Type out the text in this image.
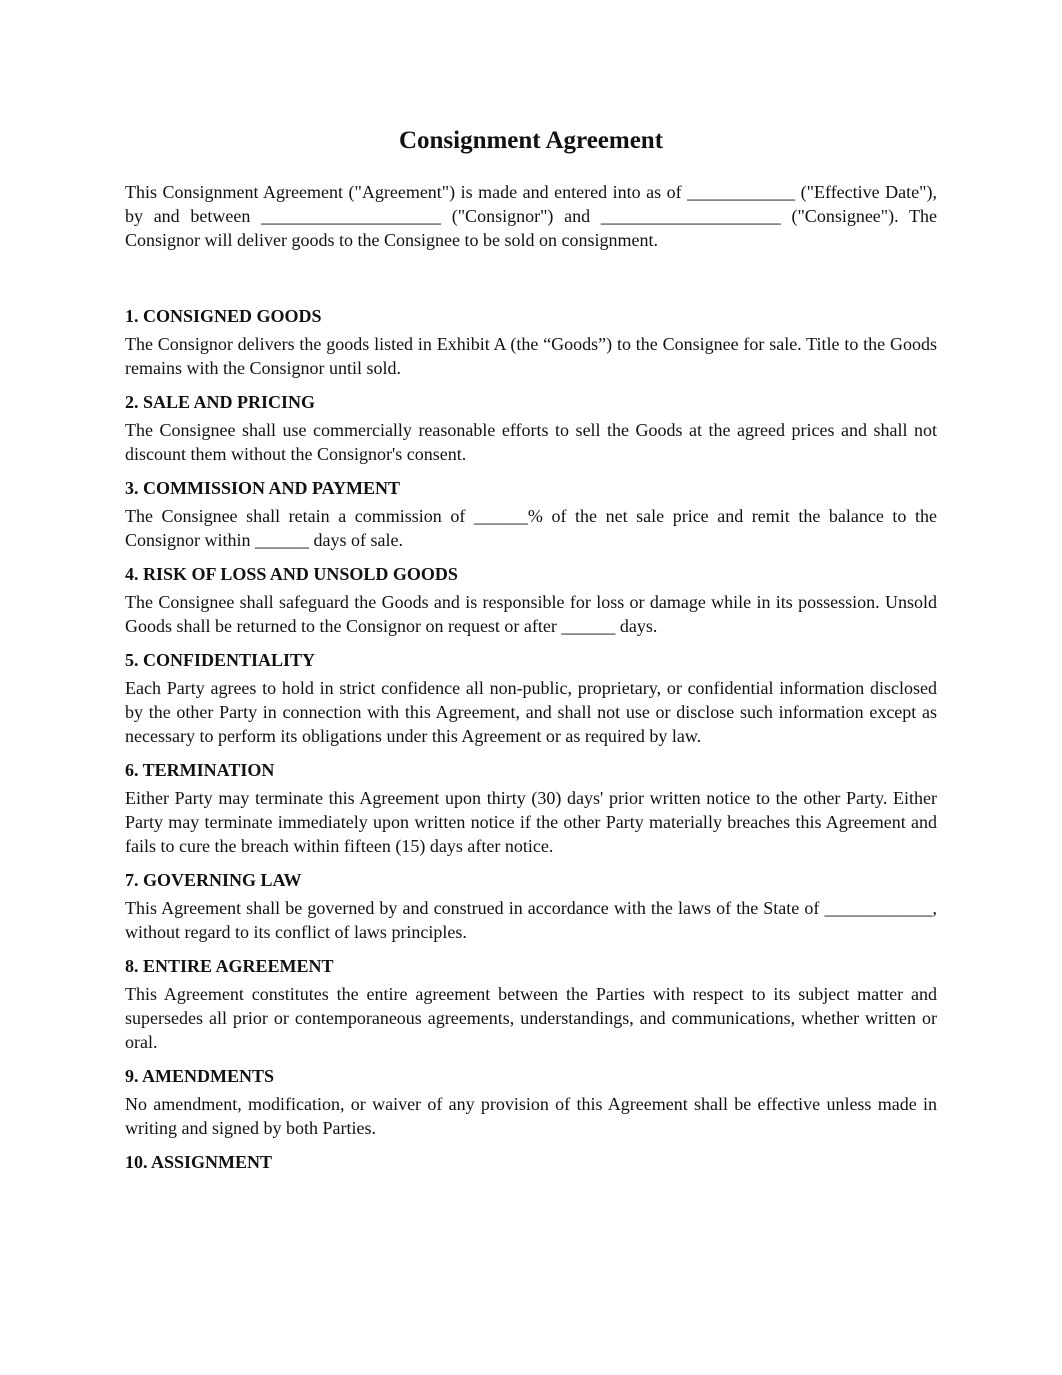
Consignment Agreement

This Consignment Agreement ("Agreement") is made and entered into as of ____________ ("Effective Date"), by and between ____________________ ("Consignor") and ____________________ ("Consignee"). The Consignor will deliver goods to the Consignee to be sold on consignment.

1. CONSIGNED GOODS

The Consignor delivers the goods listed in Exhibit A (the “Goods”) to the Consignee for sale. Title to the Goods remains with the Consignor until sold.

2. SALE AND PRICING

The Consignee shall use commercially reasonable efforts to sell the Goods at the agreed prices and shall not discount them without the Consignor's consent.

3. COMMISSION AND PAYMENT

The Consignee shall retain a commission of ______% of the net sale price and remit the balance to the Consignor within ______ days of sale.

4. RISK OF LOSS AND UNSOLD GOODS

The Consignee shall safeguard the Goods and is responsible for loss or damage while in its possession. Unsold Goods shall be returned to the Consignor on request or after ______ days.

5. CONFIDENTIALITY

Each Party agrees to hold in strict confidence all non-public, proprietary, or confidential information disclosed by the other Party in connection with this Agreement, and shall not use or disclose such information except as necessary to perform its obligations under this Agreement or as required by law.

6. TERMINATION

Either Party may terminate this Agreement upon thirty (30) days' prior written notice to the other Party. Either Party may terminate immediately upon written notice if the other Party materially breaches this Agreement and fails to cure the breach within fifteen (15) days after notice.

7. GOVERNING LAW

This Agreement shall be governed by and construed in accordance with the laws of the State of ____________, without regard to its conflict of laws principles.

8. ENTIRE AGREEMENT

This Agreement constitutes the entire agreement between the Parties with respect to its subject matter and supersedes all prior or contemporaneous agreements, understandings, and communications, whether written or oral.

9. AMENDMENTS

No amendment, modification, or waiver of any provision of this Agreement shall be effective unless made in writing and signed by both Parties.

10. ASSIGNMENT
